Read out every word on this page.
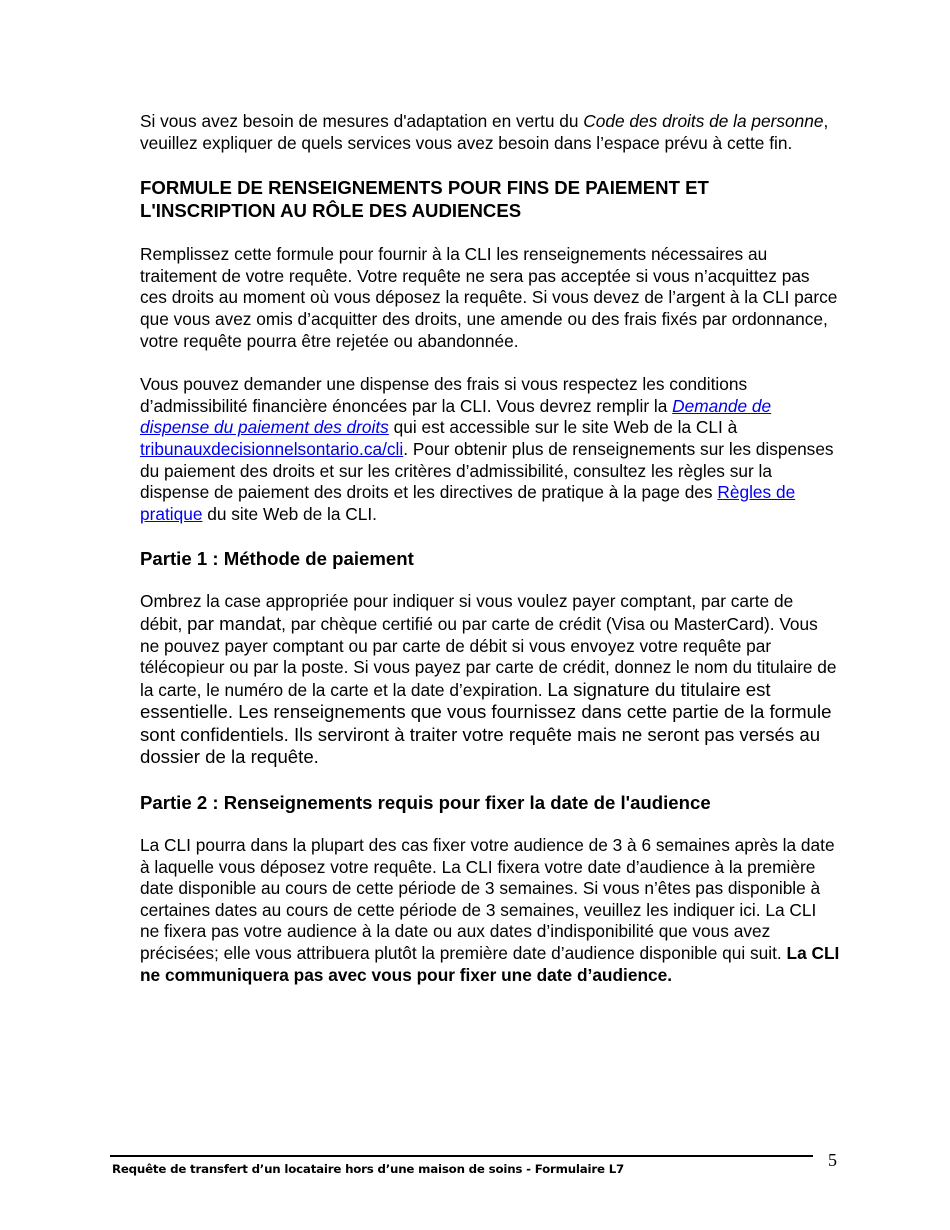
Si vous avez besoin de mesures d'adaptation en vertu du Code des droits de la personne, veuillez expliquer de quels services vous avez besoin dans l’espace prévu à cette fin.

FORMULE DE RENSEIGNEMENTS POUR FINS DE PAIEMENT ET L'INSCRIPTION AU RÔLE DES AUDIENCES

Remplissez cette formule pour fournir à la CLI les renseignements nécessaires au traitement de votre requête. Votre requête ne sera pas acceptée si vous n’acquittez pas ces droits au moment où vous déposez la requête. Si vous devez de l’argent à la CLI parce que vous avez omis d’acquitter des droits, une amende ou des frais fixés par ordonnance, votre requête pourra être rejetée ou abandonnée.

Vous pouvez demander une dispense des frais si vous respectez les conditions d’admissibilité financière énoncées par la CLI. Vous devrez remplir la Demande de dispense du paiement des droits qui est accessible sur le site Web de la CLI à tribunauxdecisionnelsontario.ca/cli. Pour obtenir plus de renseignements sur les dispenses du paiement des droits et sur les critères d’admissibilité, consultez les règles sur la dispense de paiement des droits et les directives de pratique à la page des Règles de pratique du site Web de la CLI.

Partie 1 : Méthode de paiement

Ombrez la case appropriée pour indiquer si vous voulez payer comptant, par carte de débit, par mandat, par chèque certifié ou par carte de crédit (Visa ou MasterCard). Vous ne pouvez payer comptant ou par carte de débit si vous envoyez votre requête par télécopieur ou par la poste. Si vous payez par carte de crédit, donnez le nom du titulaire de la carte, le numéro de la carte et la date d’expiration. La signature du titulaire est essentielle. Les renseignements que vous fournissez dans cette partie de la formule sont confidentiels. Ils serviront à traiter votre requête mais ne seront pas versés au dossier de la requête.

Partie 2 : Renseignements requis pour fixer la date de l'audience

La CLI pourra dans la plupart des cas fixer votre audience de 3 à 6 semaines après la date à laquelle vous déposez votre requête. La CLI fixera votre date d’audience à la première date disponible au cours de cette période de 3 semaines. Si vous n’êtes pas disponible à certaines dates au cours de cette période de 3 semaines, veuillez les indiquer ici. La CLI ne fixera pas votre audience à la date ou aux dates d’indisponibilité que vous avez précisées; elle vous attribuera plutôt la première date d’audience disponible qui suit. La CLI ne communiquera pas avec vous pour fixer une date d’audience.

Requête de transfert d’un locataire hors d’une maison de soins - Formulaire L7	5
